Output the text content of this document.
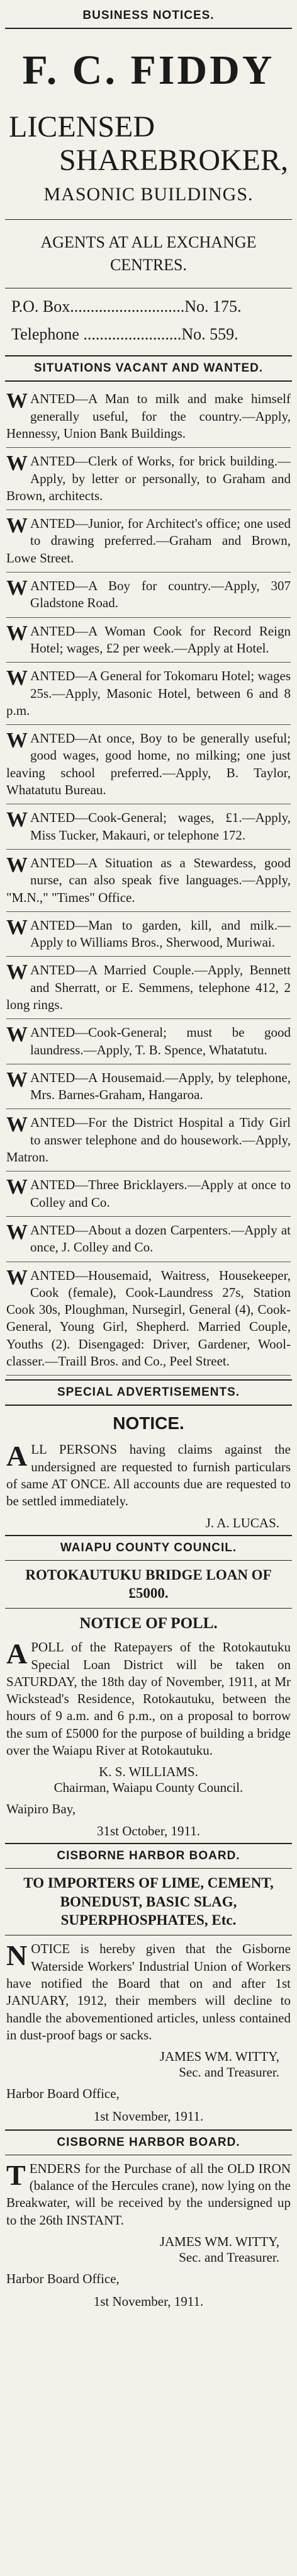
BUSINESS NOTICES.
F. C. FIDDY
LICENSED
SHAREBROKER,
MASONIC BUILDINGS.
AGENTS AT ALL EXCHANGE
CENTRES.
P.O. Box............................No. 175.
Telephone ........................No. 559.
SITUATIONS VACANT AND WANTED.
WANTED—A Man to milk and make himself generally useful, for the country.—Apply, Hennessy, Union Bank Buildings.
WANTED—Clerk of Works, for brick building.—Apply, by letter or personally, to Graham and Brown, architects.
WANTED—Junior, for Architect's office; one used to drawing preferred.—Graham and Brown, Lowe Street.
WANTED—A Boy for country.—Apply, 307 Gladstone Road.
WANTED—A Woman Cook for Record Reign Hotel; wages, £2 per week.—Apply at Hotel.
WANTED—A General for Tokomaru Hotel; wages 25s.—Apply, Masonic Hotel, between 6 and 8 p.m.
WANTED—At once, Boy to be generally useful; good wages, good home, no milking; one just leaving school preferred.—Apply, B. Taylor, Whatatutu Bureau.
WANTED—Cook-General; wages, £1.—Apply, Miss Tucker, Makauri, or telephone 172.
WANTED—A Situation as a Stewardess, good nurse, can also speak five languages.—Apply, "M.N.," "Times" Office.
WANTED—Man to garden, kill, and milk.—Apply to Williams Bros., Sherwood, Muriwai.
WANTED—A Married Couple.—Apply, Bennett and Sherratt, or E. Semmens, telephone 412, 2 long rings.
WANTED—Cook-General; must be good laundress.—Apply, T. B. Spence, Whatatutu.
WANTED—A Housemaid.—Apply, by telephone, Mrs. Barnes-Graham, Hangaroa.
WANTED—For the District Hospital a Tidy Girl to answer telephone and do housework.—Apply, Matron.
WANTED—Three Bricklayers.—Apply at once to Colley and Co.
WANTED—About a dozen Carpenters.—Apply at once, J. Colley and Co.
WANTED—Housemaid, Waitress, Housekeeper, Cook (female), Cook-Laundress 27s, Station Cook 30s, Ploughman, Nursegirl, General (4), Cook-General, Young Girl, Shepherd. Married Couple, Youths (2). Disengaged: Driver, Gardener, Wool-classer.—Traill Bros. and Co., Peel Street.
SPECIAL ADVERTISEMENTS.
NOTICE.
ALL PERSONS having claims against the undersigned are requested to furnish particulars of same AT ONCE. All accounts due are requested to be settled immediately.
J. A. LUCAS.
WAIAPU COUNTY COUNCIL.
ROTOKAUTUKU BRIDGE LOAN OF £5000.
NOTICE OF POLL.
APOLL of the Ratepayers of the Rotokautuku Special Loan District will be taken on SATURDAY, the 18th day of November, 1911, at Mr Wickstead's Residence, Rotokautuku, between the hours of 9 a.m. and 6 p.m., on a proposal to borrow the sum of £5000 for the purpose of building a bridge over the Waiapu River at Rotokautuku.
K. S. WILLIAMS.
Chairman, Waiapu County Council.
Waipiro Bay,
31st October, 1911.
CISBORNE HARBOR BOARD.
TO IMPORTERS OF LIME, CEMENT, BONEDUST, BASIC SLAG, SUPERPHOSPHATES, Etc.
NOTICE is hereby given that the Gisborne Waterside Workers' Industrial Union of Workers have notified the Board that on and after 1st JANUARY, 1912, their members will decline to handle the abovementioned articles, unless contained in dust-proof bags or sacks.
JAMES WM. WITTY,
Sec. and Treasurer.
Harbor Board Office,
1st November, 1911.
CISBORNE HARBOR BOARD.
TENDERS for the Purchase of all the OLD IRON (balance of the Hercules crane), now lying on the Breakwater, will be received by the undersigned up to the 26th INSTANT.
JAMES WM. WITTY,
Sec. and Treasurer.
Harbor Board Office,
1st November, 1911.
